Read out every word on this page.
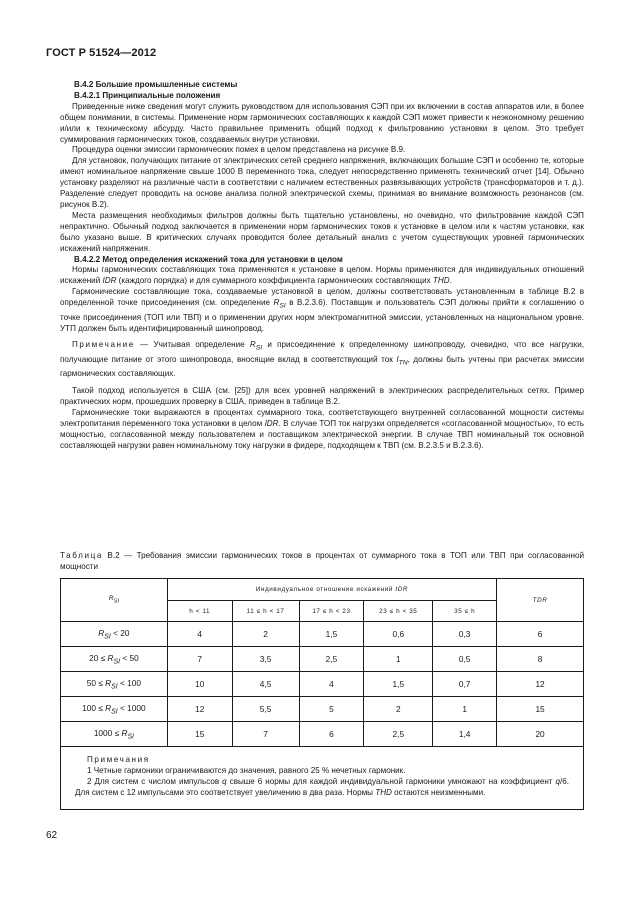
ГОСТ Р 51524—2012

В.4.2 Большие промышленные системы

В.4.2.1 Принципиальные положения

Приведенные ниже сведения могут служить руководством для использования СЭП при их включении в состав аппаратов или, в более общем понимании, в системы. Применение норм гармонических составляющих к каждой СЭП может привести к неэкономному решению и/или к техническому абсурду. Часто правильнее применить общий подход к фильтрованию установки в целом. Это требует суммирования гармонических токов, создаваемых внутри установки.

Процедура оценки эмиссии гармонических помех в целом представлена на рисунке В.9.

Для установок, получающих питание от электрических сетей среднего напряжения, включающих большие СЭП и особенно те, которые имеют номинальное напряжение свыше 1000 В переменного тока, следует непосредственно применять технический отчет [14]. Обычно установку разделяют на различные части в соответствии с наличием естественных развязывающих устройств (трансформаторов и т. д.). Разделение следует проводить на основе анализа полной электрической схемы, принимая во внимание возможность резонансов (см. рисунок В.2).

Места размещения необходимых фильтров должны быть тщательно установлены, но очевидно, что фильтрование каждой СЭП непрактично. Обычный подход заключается в применении норм гармонических токов к установке в целом или к частям установки, как было указано выше. В критических случаях проводится более детальный анализ с учетом существующих уровней гармонических искажений напряжения.

В.4.2.2 Метод определения искажений тока для установки в целом

Нормы гармонических составляющих тока применяются к установке в целом. Нормы применяются для индивидуальных отношений искажений IDR (каждого порядка) и для суммарного коэффициента гармонических составляющих THD.

Гармонические составляющие тока, создаваемые установкой в целом, должны соответствовать установленным в таблице В.2 в определенной точке присоединения (см. определение $R_{SI}$ в В.2.3.6). Поставщик и пользователь СЭП должны прийти к соглашению о точке присоединения (ТОП или ТВП) и о применении других норм электромагнитной эмиссии, установленных на национальном уровне. УТП должен быть идентифицированный шинопровод.

Примечание — Учитывая определение $R_{SI}$ и присоединение к определенному шинопроводу, очевидно, что все нагрузки, получающие питание от этого шинопровода, вносящие вклад в соответствующий ток $I_{TN}$, должны быть учтены при расчетах эмиссии гармонических составляющих.

Такой подход используется в США (см. [25]) для всех уровней напряжений в электрических распределительных сетях. Пример практических норм, прошедших проверку в США, приведен в таблице В.2.

Гармонические токи выражаются в процентах суммарного тока, соответствующего внутренней согласованной мощности системы электропитания переменного тока установки в целом IDR. В случае ТОП ток нагрузки определяется «согласованной мощностью», то есть мощностью, согласованной между пользователем и поставщиком электрической энергии. В случае ТВП номинальный ток основной составляющей нагрузки равен номинальному току нагрузки в фидере, подходящем к ТВП (см. В.2.3.5 и В.2.3.6).

Таблица В.2 — Требования эмиссии гармонических токов в процентах от суммарного тока в ТОП или ТВП при согласованной мощности
$R_{SI}$	Индивидуальное отношение искажений IDR					TDR
	h < 11	11 ≤ h < 17	17 ≤ h < 23	23 ≤ h < 35	35 ≤ h	
$R_{SI} < 20$	4	2	1,5	0,6	0,3	6
$20 \le R_{SI} < 50$	7	3,5	2,5	1	0,5	8
$50 \le R_{SI} < 100$	10	4,5	4	1,5	0,7	12
$100 \le R_{SI} < 1000$	12	5,5	5	2	1	15
$1000 \le R_{SI}$	15	7	6	2,5	1,4	20

Примечания
1 Четные гармоники ограничиваются до значения, равного 25 % нечетных гармоник.
2 Для систем с числом импульсов q свыше 6 нормы для каждой индивидуальной гармоники умножают на коэффициент q/6. Для систем с 12 импульсами это соответствует увеличению в два раза. Нормы THD остаются неизменными.						
62
